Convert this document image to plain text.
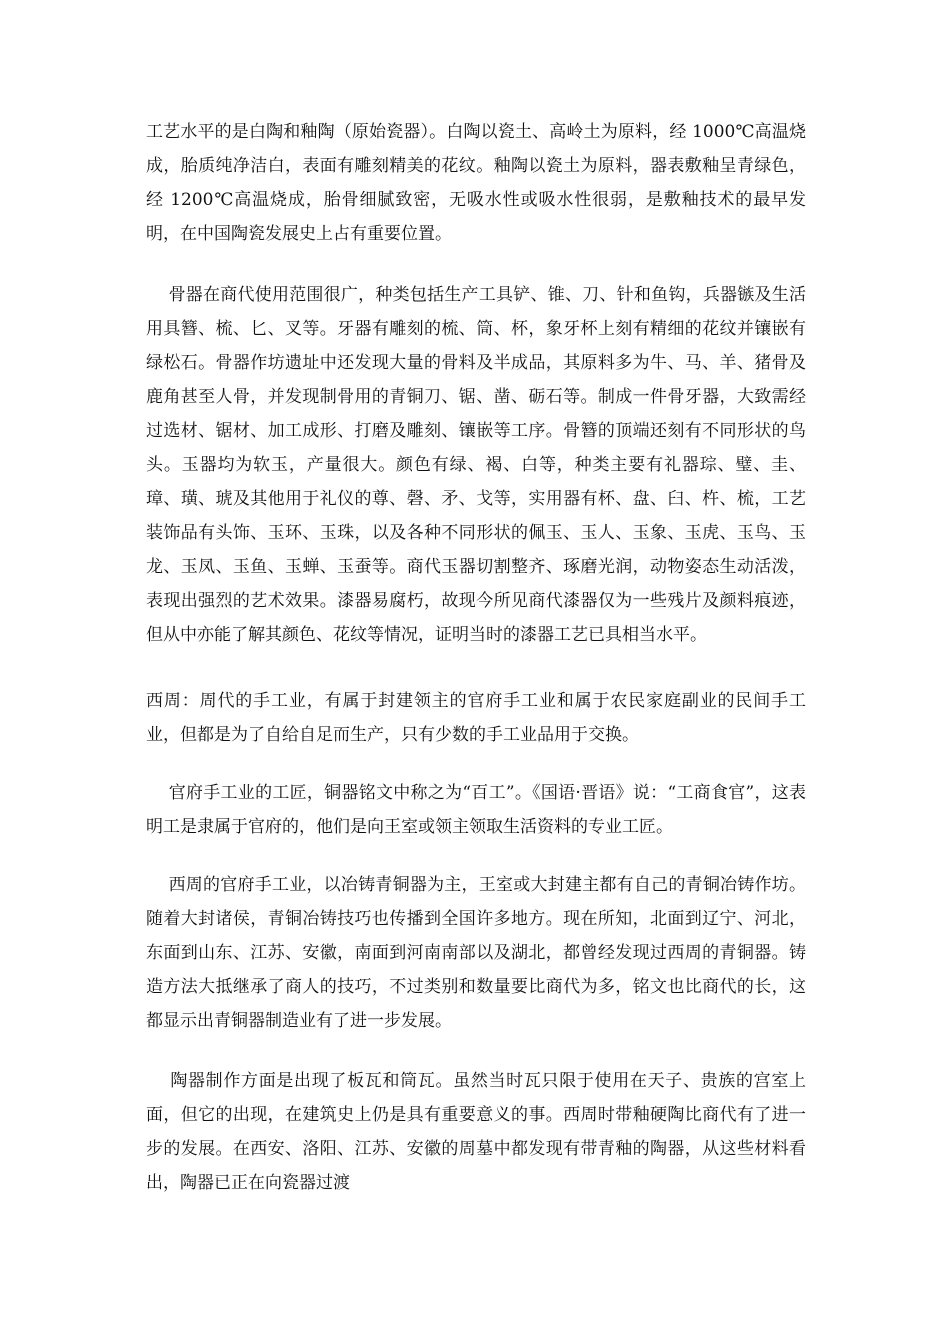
工艺水平的是白陶和釉陶（原始瓷器）。白陶以瓷土、高岭土为原料，经 1000℃高温烧成，胎质纯净洁白，表面有雕刻精美的花纹。釉陶以瓷土为原料，器表敷釉呈青绿色，经 1200℃高温烧成，胎骨细腻致密，无吸水性或吸水性很弱，是敷釉技术的最早发明，在中国陶瓷发展史上占有重要位置。

骨器在商代使用范围很广，种类包括生产工具铲、锥、刀、针和鱼钩，兵器镞及生活用具簪、梳、匕、叉等。牙器有雕刻的梳、筒、杯，象牙杯上刻有精细的花纹并镶嵌有绿松石。骨器作坊遗址中还发现大量的骨料及半成品，其原料多为牛、马、羊、猪骨及鹿角甚至人骨，并发现制骨用的青铜刀、锯、凿、砺石等。制成一件骨牙器，大致需经过选材、锯材、加工成形、打磨及雕刻、镶嵌等工序。骨簪的顶端还刻有不同形状的鸟头。玉器均为软玉，产量很大。颜色有绿、褐、白等，种类主要有礼器琮、璧、圭、璋、璜、琥及其他用于礼仪的尊、磬、矛、戈等，实用器有杯、盘、臼、杵、梳，工艺装饰品有头饰、玉环、玉珠，以及各种不同形状的佩玉、玉人、玉象、玉虎、玉鸟、玉龙、玉凤、玉鱼、玉蝉、玉蚕等。商代玉器切割整齐、琢磨光润，动物姿态生动活泼，表现出强烈的艺术效果。漆器易腐朽，故现今所见商代漆器仅为一些残片及颜料痕迹，但从中亦能了解其颜色、花纹等情况，证明当时的漆器工艺已具相当水平。

西周：周代的手工业，有属于封建领主的官府手工业和属于农民家庭副业的民间手工业，但都是为了自给自足而生产，只有少数的手工业品用于交换。

官府手工业的工匠，铜器铭文中称之为“百工”。《国语·晋语》说：“工商食官”，这表明工是隶属于官府的，他们是向王室或领主领取生活资料的专业工匠。

西周的官府手工业，以冶铸青铜器为主，王室或大封建主都有自己的青铜冶铸作坊。随着大封诸侯，青铜冶铸技巧也传播到全国许多地方。现在所知，北面到辽宁、河北，东面到山东、江苏、安徽，南面到河南南部以及湖北，都曾经发现过西周的青铜器。铸造方法大抵继承了商人的技巧，不过类别和数量要比商代为多，铭文也比商代的长，这都显示出青铜器制造业有了进一步发展。

陶器制作方面是出现了板瓦和筒瓦。虽然当时瓦只限于使用在天子、贵族的宫室上面，但它的出现，在建筑史上仍是具有重要意义的事。西周时带釉硬陶比商代有了进一步的发展。在西安、洛阳、江苏、安徽的周墓中都发现有带青釉的陶器，从这些材料看出，陶器已正在向瓷器过渡
